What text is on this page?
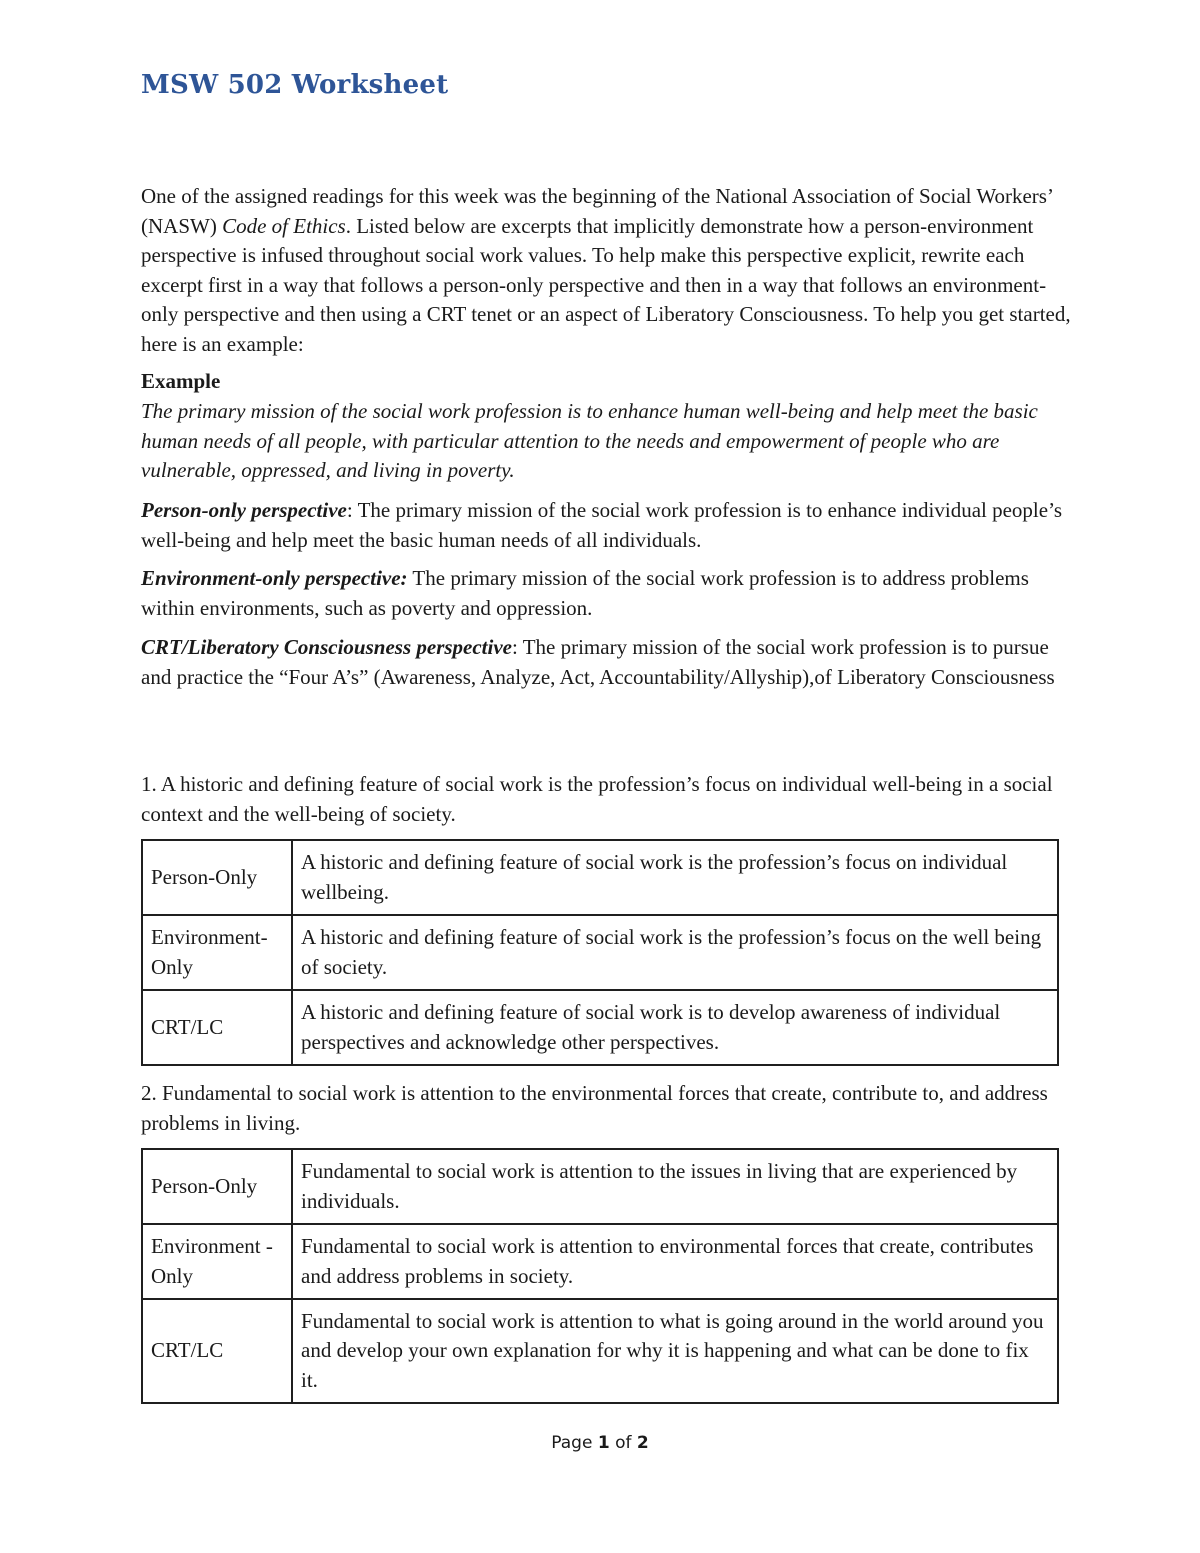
MSW 502 Worksheet
One of the assigned readings for this week was the beginning of the National Association of Social Workers’ (NASW) Code of Ethics. Listed below are excerpts that implicitly demonstrate how a person-environment perspective is infused throughout social work values. To help make this perspective explicit, rewrite each excerpt first in a way that follows a person-only perspective and then in a way that follows an environment-only perspective and then using a CRT tenet or an aspect of Liberatory Consciousness. To help you get started, here is an example:
Example
The primary mission of the social work profession is to enhance human well-being and help meet the basic human needs of all people, with particular attention to the needs and empowerment of people who are vulnerable, oppressed, and living in poverty.
Person-only perspective: The primary mission of the social work profession is to enhance individual people’s well-being and help meet the basic human needs of all individuals.
Environment-only perspective: The primary mission of the social work profession is to address problems within environments, such as poverty and oppression.
CRT/Liberatory Consciousness perspective: The primary mission of the social work profession is to pursue and practice the “Four A’s” (Awareness, Analyze, Act, Accountability/Allyship),of Liberatory Consciousness
1. A historic and defining feature of social work is the profession’s focus on individual well-being in a social context and the well-being of society.
Person-Only	A historic and defining feature of social work is the profession’s focus on individual wellbeing.
Environment-Only	A historic and defining feature of social work is the profession’s focus on the well being of society.
CRT/LC	A historic and defining feature of social work is to develop awareness of individual perspectives and acknowledge other perspectives.
2. Fundamental to social work is attention to the environmental forces that create, contribute to, and address problems in living.
Person-Only	Fundamental to social work is attention to the issues in living that are experienced by individuals.
Environment -Only	Fundamental to social work is attention to environmental forces that create, contributes and address problems in society.
CRT/LC	Fundamental to social work is attention to what is going around in the world around you and develop your own explanation for why it is happening and what can be done to fix it.
Page 1 of 2
